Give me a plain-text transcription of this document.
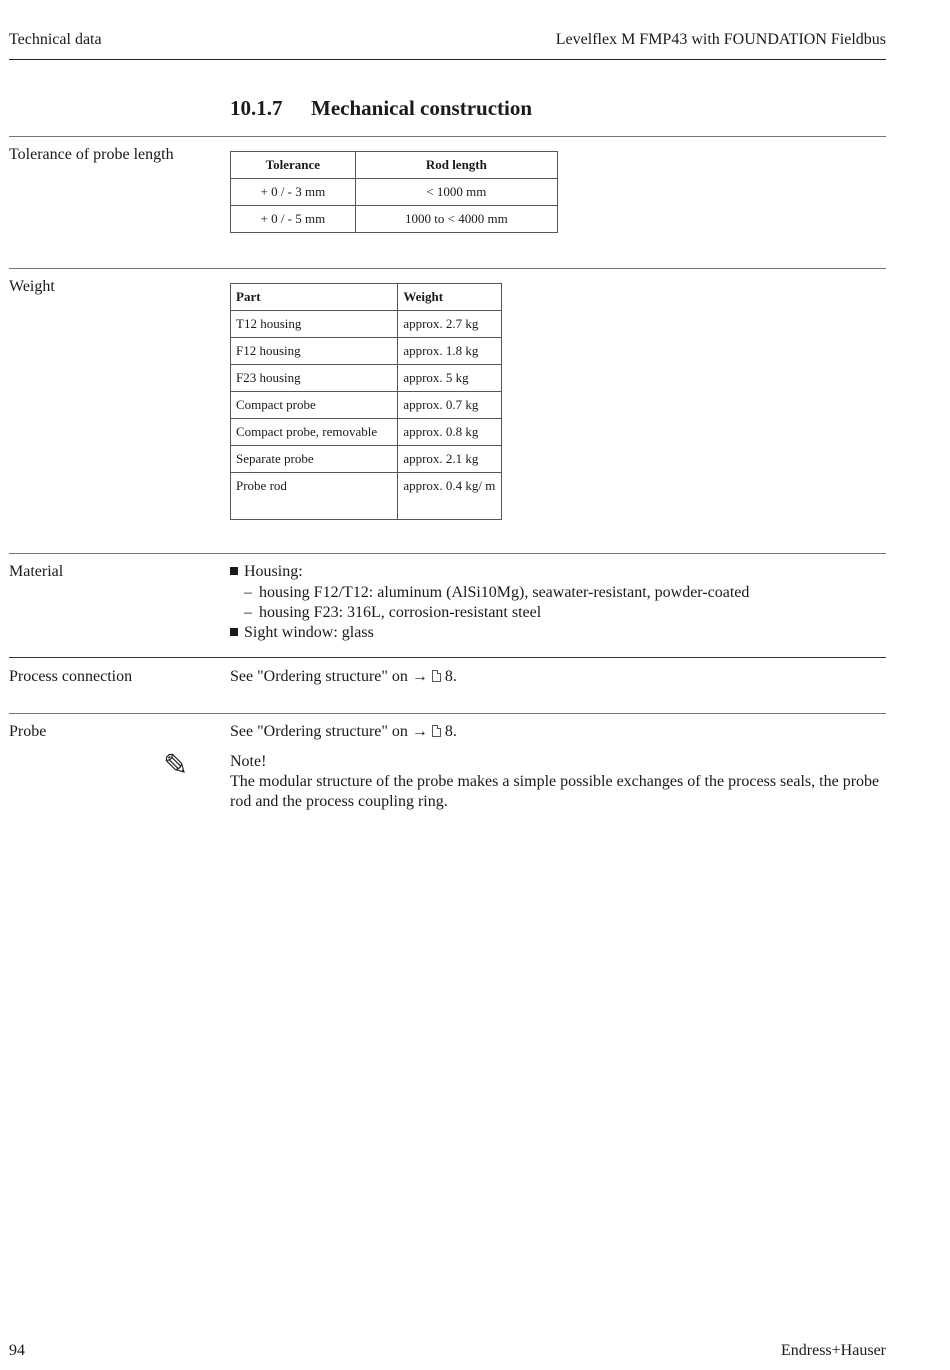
Technical data	Levelflex M FMP43 with FOUNDATION Fieldbus
10.1.7 Mechanical construction
Tolerance of probe length
Tolerance	Rod length
+ 0 / - 3 mm	< 1000 mm
+ 0 / - 5 mm	1000 to < 4000 mm
Weight
Part	Weight
T12 housing	approx. 2.7 kg
F12 housing	approx. 1.8 kg
F23 housing	approx. 5 kg
Compact probe	approx. 0.7 kg
Compact probe, removable	approx. 0.8 kg
Separate probe	approx. 2.1 kg
Probe rod	approx. 0.4 kg/ m
Material	Housing:
– housing F12/T12: aluminum (AlSi10Mg), seawater-resistant, powder-coated
– housing F23: 316L, corrosion-resistant steel
Sight window: glass
Process connection	See "Ordering structure" on → 8.
Probe	See "Ordering structure" on → 8.
✎	Note!
The modular structure of the probe makes a simple possible exchanges of the process seals, the probe rod and the process coupling ring.
94	Endress+Hauser
